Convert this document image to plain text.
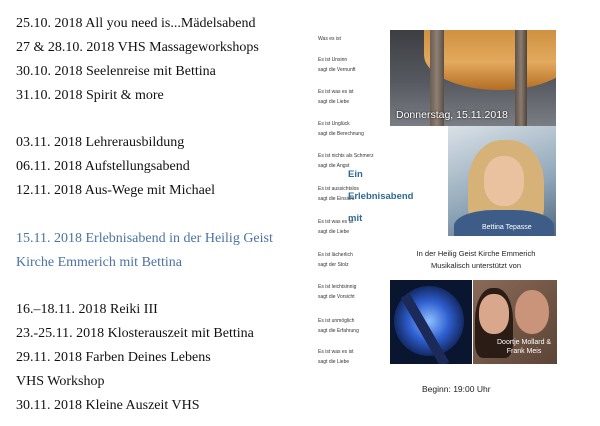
25.10. 2018 All you need is...Mädelsabend
27 & 28.10. 2018 VHS Massageworkshops
30.10. 2018 Seelenreise mit Bettina
31.10. 2018 Spirit & more
03.11. 2018 Lehrerausbildung
06.11. 2018 Aufstellungsabend
12.11. 2018 Aus-Wege mit Michael
15.11. 2018 Erlebnisabend in der Heilig Geist
Kirche Emmerich mit Bettina
16.–18.11. 2018 Reiki III
23.-25.11. 2018 Klosterauszeit mit Bettina
29.11. 2018 Farben Deines Lebens
VHS Workshop
30.11. 2018 Kleine Auszeit VHS
Was es ist
Es ist Unsinn
sagt die Vernunft
Es ist was es ist
sagt die Liebe
Es ist Unglück
sagt die Berechnung
Es ist nichts als Schmerz
sagt die Angst
Es ist aussichtslos
sagt die Einsicht
Es ist was es ist
sagt die Liebe
Es ist lächerlich
sagt der Stolz
Es ist leichtsinnig
sagt die Vorsicht
Es ist unmöglich
sagt die Erfahrung
Es ist was es ist
sagt die Liebe
Donnerstag, 15.11.2018
Ein
Erlebnisabend
mit
Bettina Tepasse
In der Heilig Geist Kirche Emmerich
Musikalisch unterstützt von
Doortje Mollard &
Frank Meis
Beginn: 19:00 Uhr
